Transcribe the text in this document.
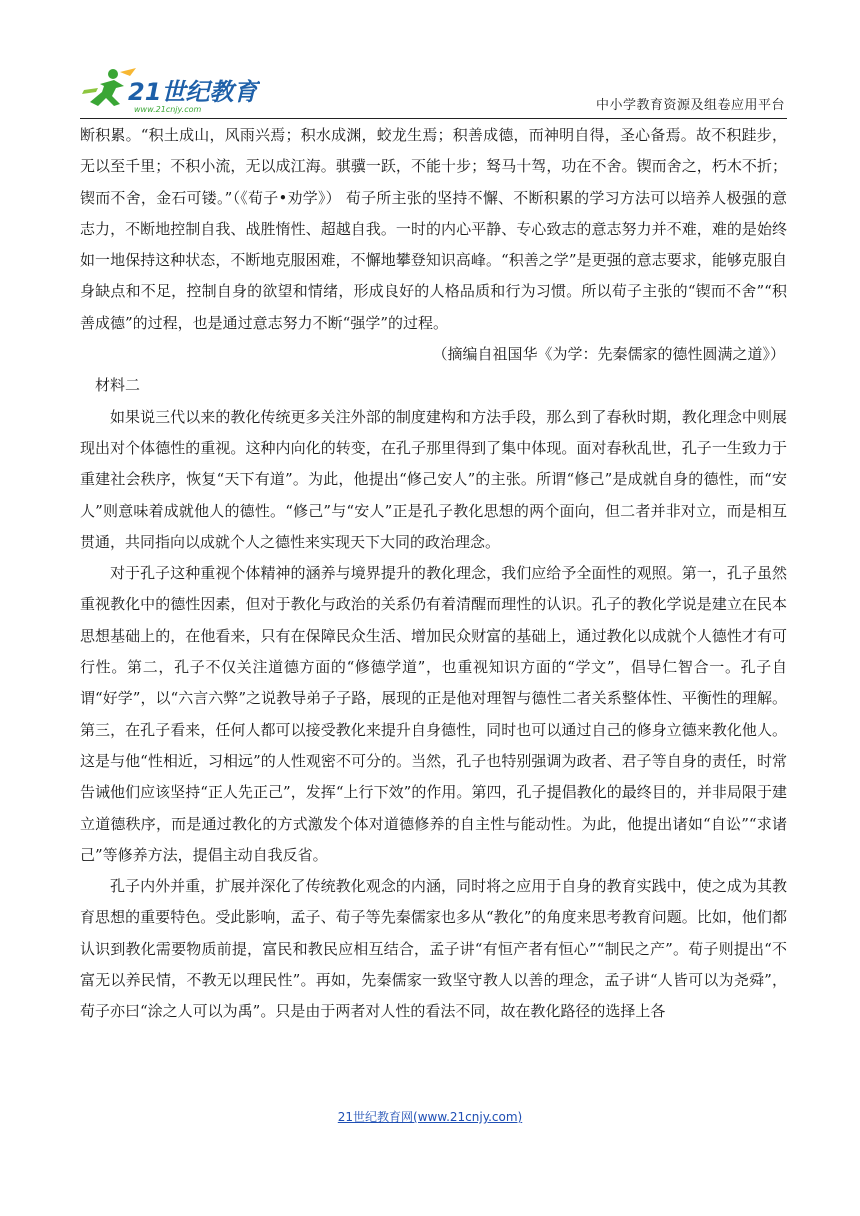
21世纪教育
www.21cnjy.com	中小学教育资源及组卷应用平台

断积累。“积土成山，风雨兴焉；积水成渊，蛟龙生焉；积善成德，而神明自得，圣心备焉。故不积跬步，无以至千里；不积小流，无以成江海。骐骥一跃，不能十步；驽马十驾，功在不舍。锲而舍之，朽木不折；锲而不舍，金石可镂。”（《荀子•劝学》） 荀子所主张的坚持不懈、不断积累的学习方法可以培养人极强的意志力，不断地控制自我、战胜惰性、超越自我。一时的内心平静、专心致志的意志努力并不难，难的是始终如一地保持这种状态，不断地克服困难，不懈地攀登知识高峰。“积善之学”是更强的意志要求，能够克服自身缺点和不足，控制自身的欲望和情绪，形成良好的人格品质和行为习惯。所以荀子主张的“锲而不舍”“积善成德”的过程，也是通过意志努力不断“强学”的过程。

（摘编自祖国华《为学：先秦儒家的德性圆满之道》）

材料二

如果说三代以来的教化传统更多关注外部的制度建构和方法手段，那么到了春秋时期，教化理念中则展现出对个体德性的重视。这种内向化的转变，在孔子那里得到了集中体现。面对春秋乱世，孔子一生致力于重建社会秩序，恢复“天下有道”。为此，他提出“修己安人”的主张。所谓“修己”是成就自身的德性，而“安人”则意味着成就他人的德性。“修己”与“安人”正是孔子教化思想的两个面向，但二者并非对立，而是相互贯通，共同指向以成就个人之德性来实现天下大同的政治理念。

对于孔子这种重视个体精神的涵养与境界提升的教化理念，我们应给予全面性的观照。第一，孔子虽然重视教化中的德性因素，但对于教化与政治的关系仍有着清醒而理性的认识。孔子的教化学说是建立在民本思想基础上的，在他看来，只有在保障民众生活、增加民众财富的基础上，通过教化以成就个人德性才有可行性。第二，孔子不仅关注道德方面的“修德学道”，也重视知识方面的“学文”，倡导仁智合一。孔子自谓“好学”，以“六言六弊”之说教导弟子子路，展现的正是他对理智与德性二者关系整体性、平衡性的理解。第三，在孔子看来，任何人都可以接受教化来提升自身德性，同时也可以通过自己的修身立德来教化他人。这是与他“性相近，习相远”的人性观密不可分的。当然，孔子也特别强调为政者、君子等自身的责任，时常告诫他们应该坚持“正人先正己”，发挥“上行下效”的作用。第四，孔子提倡教化的最终目的，并非局限于建立道德秩序，而是通过教化的方式激发个体对道德修养的自主性与能动性。为此，他提出诸如“自讼”“求诸己”等修养方法，提倡主动自我反省。

孔子内外并重，扩展并深化了传统教化观念的内涵，同时将之应用于自身的教育实践中，使之成为其教育思想的重要特色。受此影响，孟子、荀子等先秦儒家也多从“教化”的角度来思考教育问题。比如，他们都认识到教化需要物质前提，富民和教民应相互结合，孟子讲“有恒产者有恒心”“制民之产”。荀子则提出“不富无以养民情，不教无以理民性”。再如，先秦儒家一致坚守教人以善的理念，孟子讲“人皆可以为尧舜”，荀子亦曰“涂之人可以为禹”。只是由于两者对人性的看法不同，故在教化路径的选择上各

21世纪教育网(www.21cnjy.com)
